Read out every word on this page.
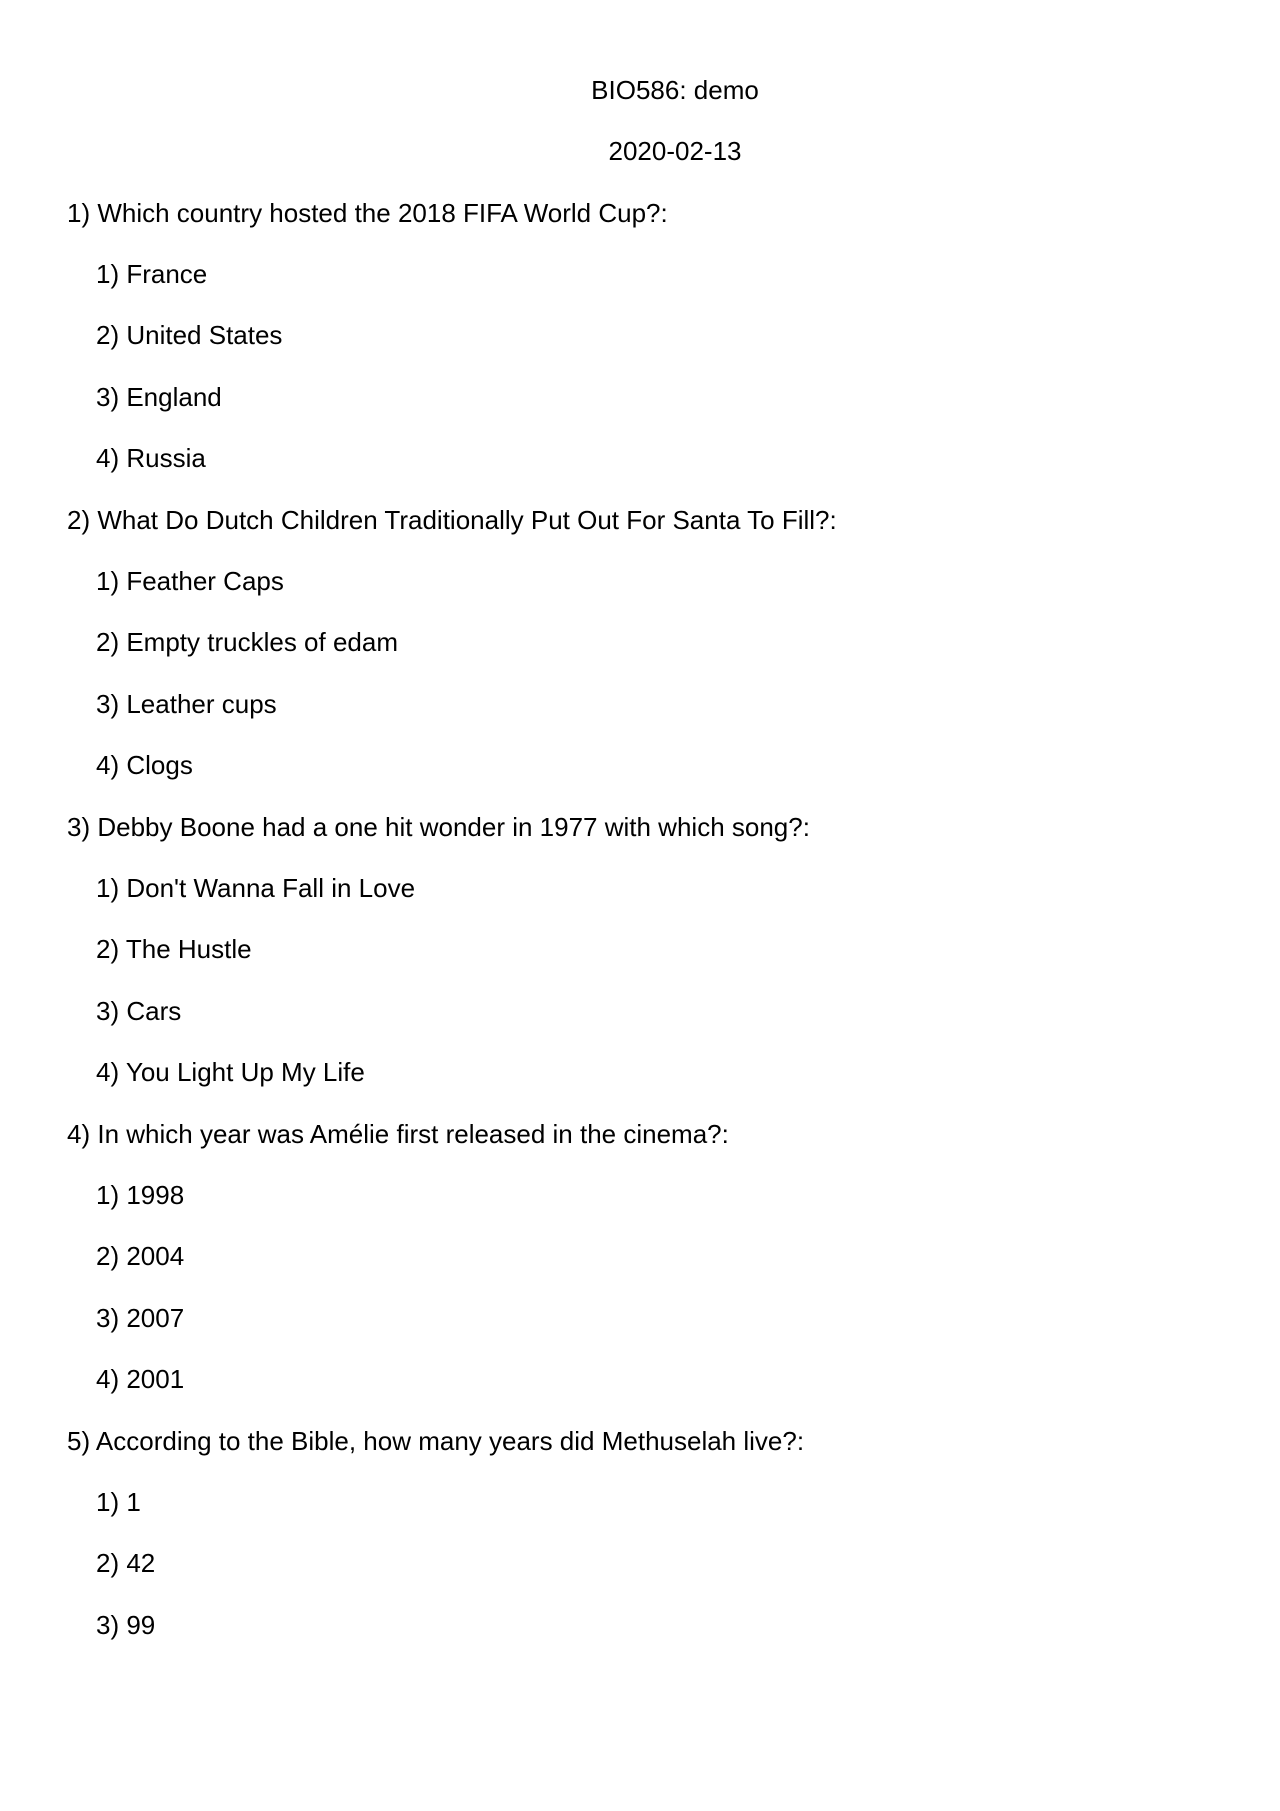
BIO586: demo
2020-02-13
1) Which country hosted the 2018 FIFA World Cup?:
1) France
2) United States
3) England
4) Russia
2) What Do Dutch Children Traditionally Put Out For Santa To Fill?:
1) Feather Caps
2) Empty truckles of edam
3) Leather cups
4) Clogs
3) Debby Boone had a one hit wonder in 1977 with which song?:
1) Don't Wanna Fall in Love
2) The Hustle
3) Cars
4) You Light Up My Life
4) In which year was Amélie first released in the cinema?:
1) 1998
2) 2004
3) 2007
4) 2001
5) According to the Bible, how many years did Methuselah live?:
1) 1
2) 42
3) 99
